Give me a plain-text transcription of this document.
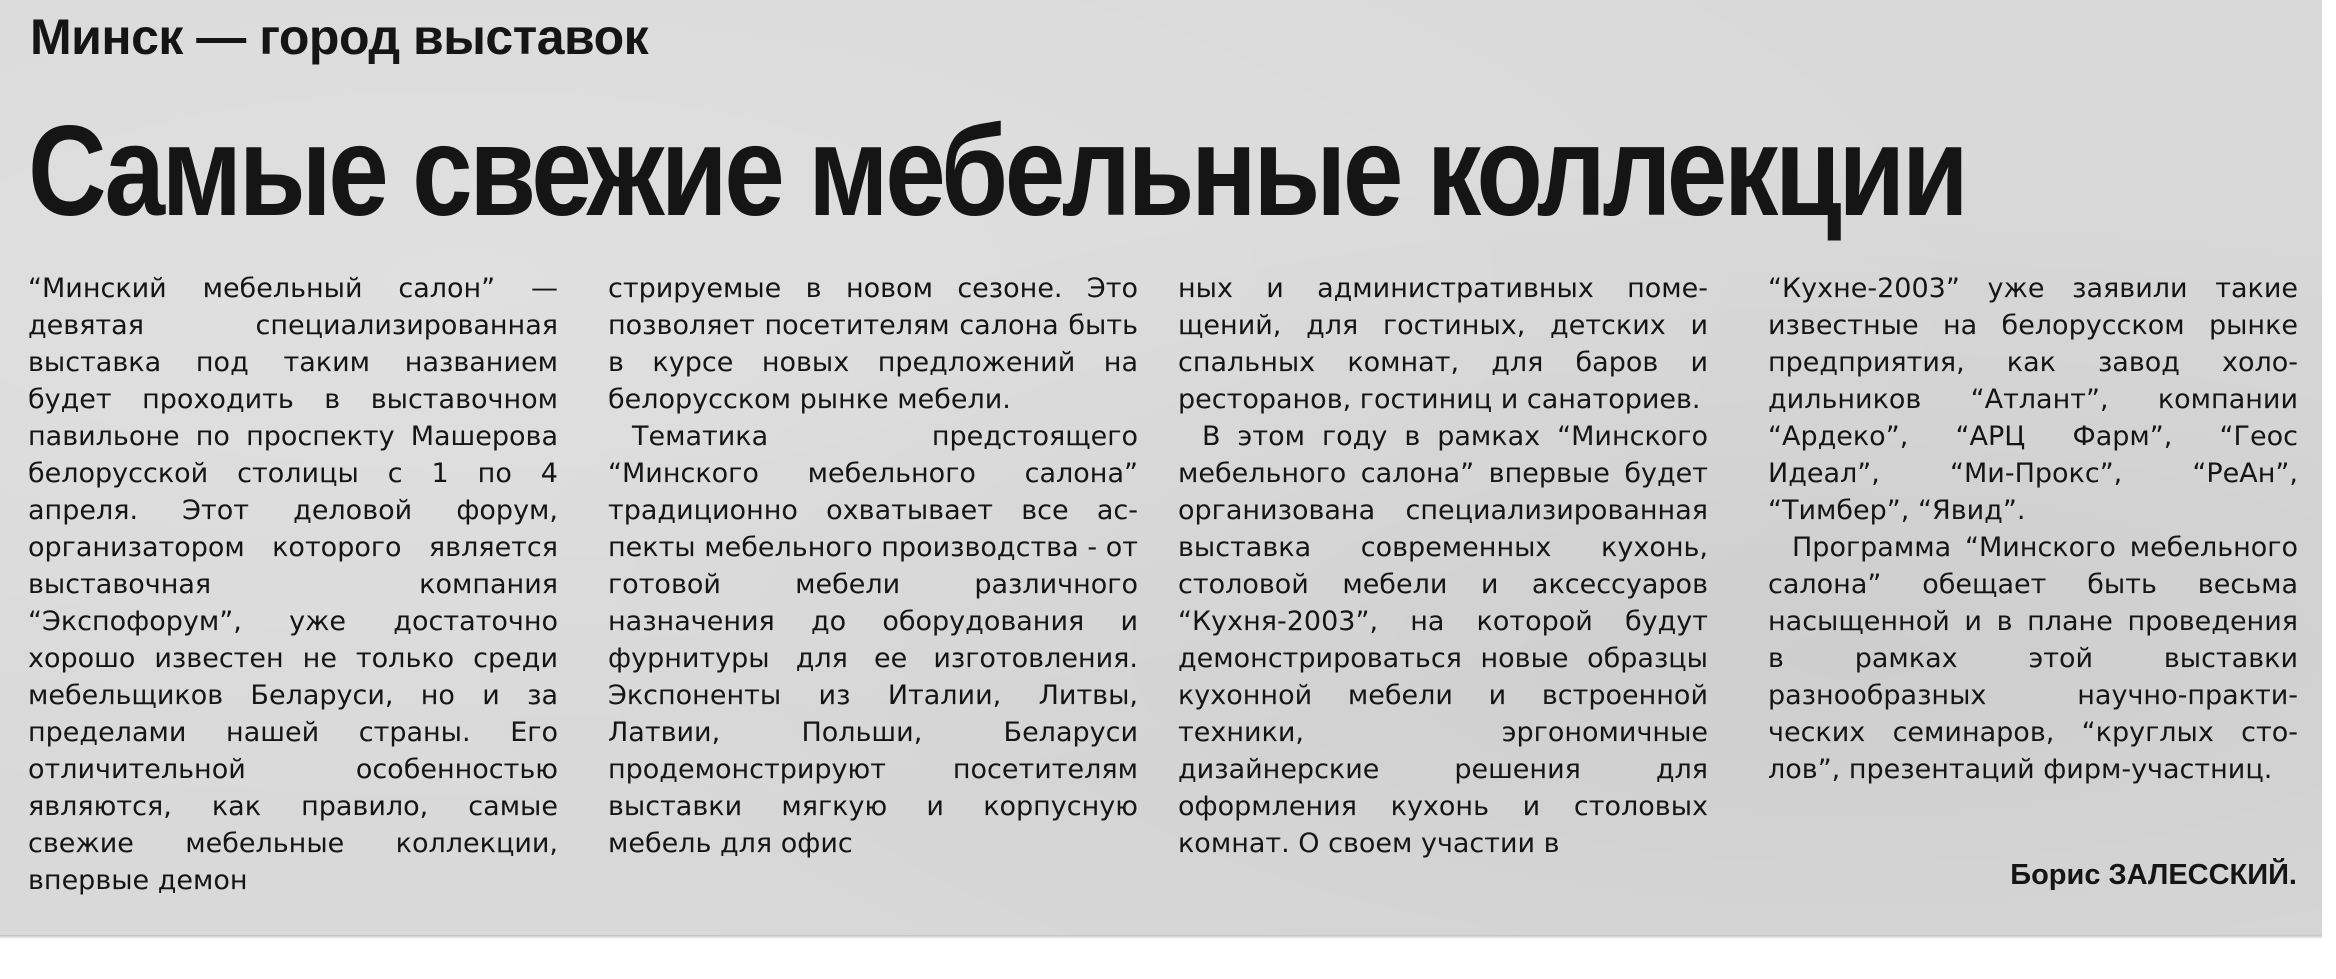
Минск — город выставок
Самые свежие мебельные коллекции

“Минский мебельный салон” — девятая специализированная выставка под таким названием будет проходить в выставочном павильоне по проспекту Машерова белорусской столицы с 1 по 4 апреля. Этот деловой форум, организатором которого является выставочная компания “Экспофорум”, уже достаточно хорошо известен не только среди мебельщиков Беларуси, но и за пределами нашей страны. Его отличительной особенностью являются, как правило, самые свежие мебельные коллекции, впервые демон

стрируемые в новом сезоне. Это позволяет посетителям салона быть в курсе новых предложений на белорусском рынке мебели.

Тематика предстоящего “Минского мебельного салона” традиционно охватывает все аспекты мебельного производства - от готовой мебели различного назначения до оборудования и фурнитуры для ее изготовления. Экспоненты из Италии, Литвы, Латвии, Польши, Беларуси продемонстрируют посетителям выставки мягкую и корпусную мебель для офис

ных и административных помещений, для гостиных, детских и спальных комнат, для баров и ресторанов, гостиниц и санаториев.

В этом году в рамках “Минского мебельного салона” впервые будет организована специализированная выставка современных кухонь, столовой мебели и аксессуаров “Кухня-2003”, на которой будут демонстрироваться новые образцы кухонной мебели и встроенной техники, эргономичные дизайнерские решения для оформления кухонь и столовых комнат. О своем участии в

“Кухне-2003” уже заявили такие известные на белорусском рынке предприятия, как завод холодильников “Атлант”, компании “Ардеко”, “АРЦ Фарм”, “Геос Идеал”, “Ми-Прокс”, “РеАн”, “Тимбер”, “Явид”.

Программа “Минского мебельного салона” обещает быть весьма насыщенной и в плане проведения в рамках этой выставки разнообразных научно-практических семинаров, “круглых столов”, презентаций фирм-участниц.

Борис ЗАЛЕССКИЙ.
